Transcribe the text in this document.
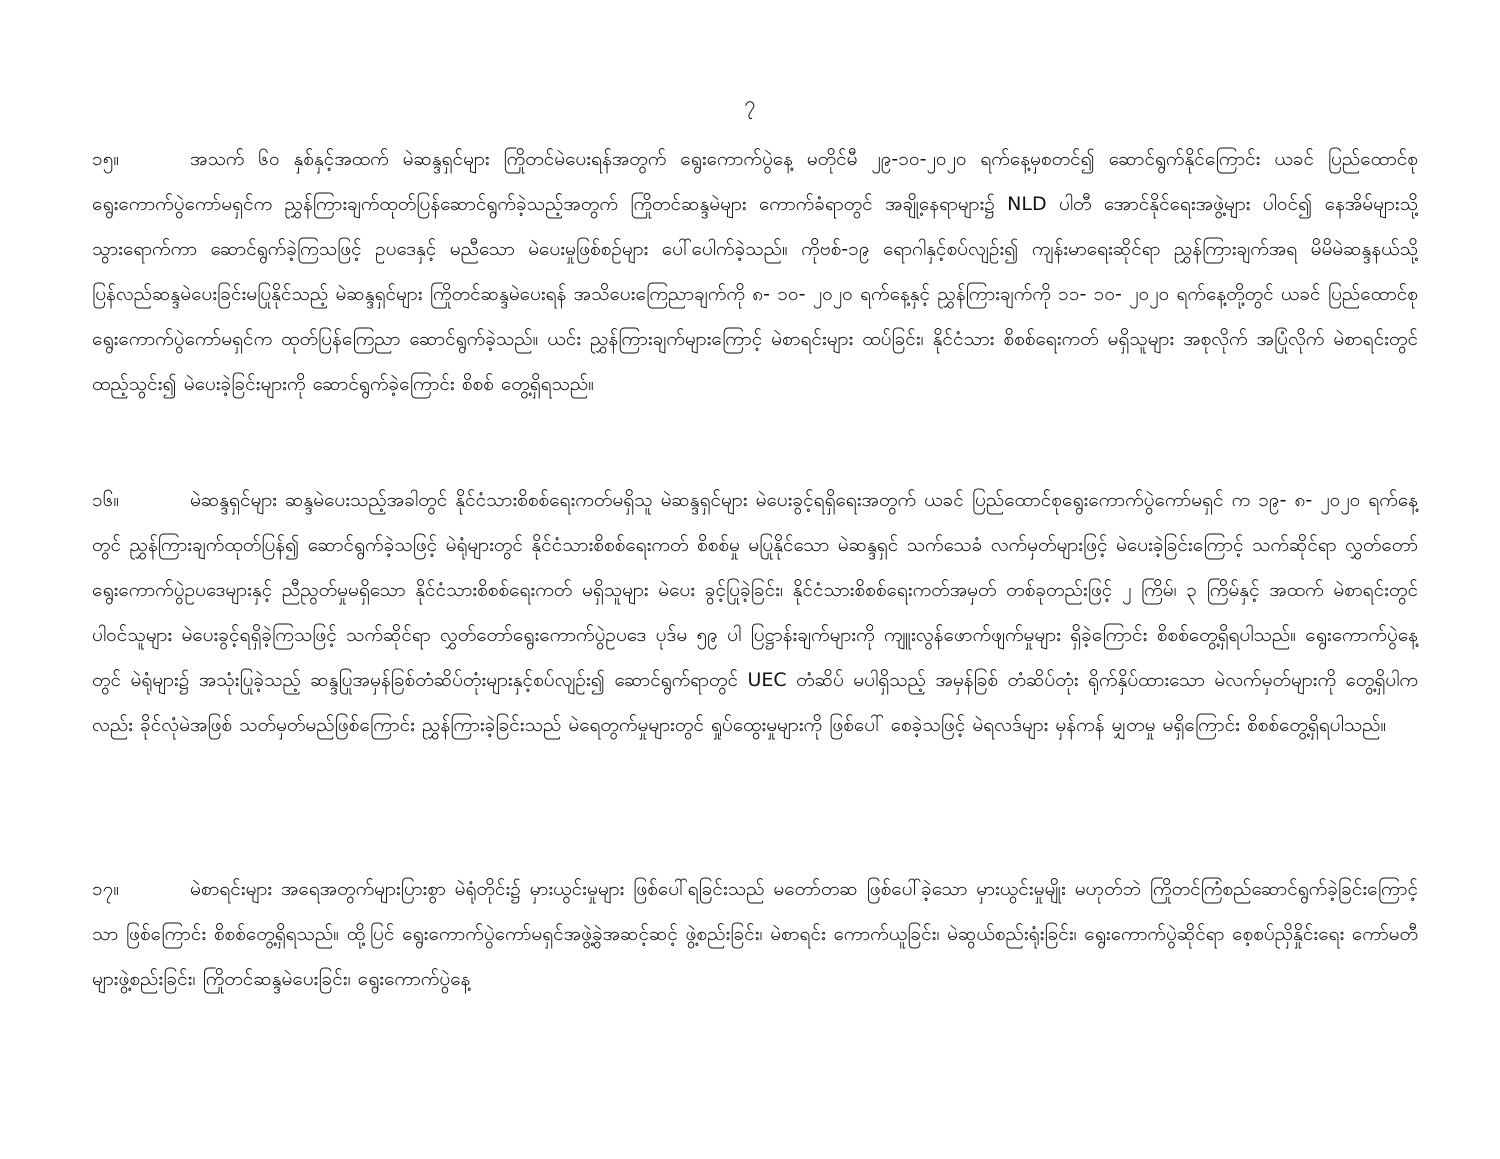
၇
၁၅။	အသက် ၆၀ နှစ်နှင့်အထက် မဲဆန္ဒရှင်များ ကြိုတင်မဲပေးရန်အတွက် ရွေးကောက်ပွဲနေ့ မတိုင်မီ ၂၉-၁၀-၂၀၂၀ ရက်နေ့မှစတင်၍ ဆောင်ရွက်နိုင်ကြောင်း ယခင် ပြည်ထောင်စု ရွေးကောက်ပွဲကော်မရှင်က ညွှန်ကြားချက်ထုတ်ပြန်ဆောင်ရွက်ခဲ့သည့်အတွက် ကြိုတင်ဆန္ဒမဲများ ကောက်ခံရာတွင် အချို့နေရာများ၌ NLD ပါတီ အောင်နိုင်ရေးအဖွဲ့များ ပါဝင်၍ နေအိမ်များသို့ သွားရောက်ကာ ဆောင်ရွက်ခဲ့ကြသဖြင့် ဥပဒေနှင့် မညီသော မဲပေးမှုဖြစ်စဉ်များ ပေါ်ပေါက်ခဲ့သည်။ ကိုဗစ်-၁၉ ရောဂါနှင့်စပ်လျဉ်း၍ ကျန်းမာရေးဆိုင်ရာ ညွှန်ကြားချက်အရ မိမိမဲဆန္ဒနယ်သို့ ပြန်လည်ဆန္ဒမဲပေးခြင်းမပြုနိုင်သည့် မဲဆန္ဒရှင်များ ကြိုတင်ဆန္ဒမဲပေးရန် အသိပေးကြေညာချက်ကို ၈- ၁၀- ၂၀၂၀ ရက်နေ့နှင့် ညွှန်ကြားချက်ကို ၁၁- ၁၀- ၂၀၂၀ ရက်နေ့တို့တွင် ယခင် ပြည်ထောင်စုရွေးကောက်ပွဲကော်မရှင်က ထုတ်ပြန်ကြေညာ ဆောင်ရွက်ခဲ့သည်။ ယင်း ညွှန်ကြားချက်များကြောင့် မဲစာရင်းများ ထပ်ခြင်း၊ နိုင်ငံသား စိစစ်ရေးကတ် မရှိသူများ အစုလိုက် အပြုံလိုက် မဲစာရင်းတွင်ထည့်သွင်း၍ မဲပေးခဲ့ခြင်းများကို ဆောင်ရွက်ခဲ့ကြောင်း စိစစ် တွေ့ရှိရသည်။
၁၆။	မဲဆန္ဒရှင်များ ဆန္ဒမဲပေးသည့်အခါတွင် နိုင်ငံသားစိစစ်ရေးကတ်မရှိသူ မဲဆန္ဒရှင်များ မဲပေးခွင့်ရရှိရေးအတွက် ယခင် ပြည်ထောင်စုရွေးကောက်ပွဲကော်မရှင် က ၁၉- ၈- ၂၀၂၀ ရက်နေ့တွင် ညွှန်ကြားချက်ထုတ်ပြန်၍ ဆောင်ရွက်ခဲ့သဖြင့် မဲရုံများတွင် နိုင်ငံသားစိစစ်ရေးကတ် စိစစ်မှု မပြုနိုင်သော မဲဆန္ဒရှင် သက်သေခံ လက်မှတ်များဖြင့် မဲပေးခဲ့ခြင်းကြောင့် သက်ဆိုင်ရာ လွှတ်တော်ရွေးကောက်ပွဲဥပဒေများနှင့် ညီညွတ်မှုမရှိသော နိုင်ငံသားစိစစ်ရေးကတ် မရှိသူများ မဲပေး ခွင့်ပြုခဲ့ခြင်း၊ နိုင်ငံသားစိစစ်ရေးကတ်အမှတ် တစ်ခုတည်းဖြင့် ၂ ကြိမ်၊ ၃ ကြိမ်နှင့် အထက် မဲစာရင်းတွင် ပါဝင်သူများ မဲပေးခွင့်ရရှိခဲ့ကြသဖြင့် သက်ဆိုင်ရာ လွှတ်တော်ရွေးကောက်ပွဲဥပဒေ ပုဒ်မ ၅၉ ပါ ပြဋ္ဌာန်းချက်များကို ကျူးလွန်ဖောက်ဖျက်မှုများ ရှိခဲ့ကြောင်း စိစစ်တွေ့ရှိရပါသည်။ ရွေးကောက်ပွဲနေ့တွင် မဲရုံများ၌ အသုံးပြုခဲ့သည့် ဆန္ဒပြုအမှန်ခြစ်တံဆိပ်တုံးများနှင့်စပ်လျဉ်း၍ ဆောင်ရွက်ရာတွင် UEC တံဆိပ် မပါရှိသည့် အမှန်ခြစ် တံဆိပ်တုံး ရိုက်နှိပ်ထားသော မဲလက်မှတ်များကို တွေ့ရှိပါကလည်း ခိုင်လုံမဲအဖြစ် သတ်မှတ်မည်ဖြစ်ကြောင်း ညွှန်ကြားခဲ့ခြင်းသည် မဲရေတွက်မှုများတွင် ရှုပ်ထွေးမှုများကို ဖြစ်ပေါ် စေခဲ့သဖြင့် မဲရလဒ်များ မှန်ကန် မျှတမှု မရှိကြောင်း စိစစ်တွေ့ရှိရပါသည်။
၁၇။	မဲစာရင်းများ အရေအတွက်များပြားစွာ မဲရုံတိုင်း၌ မှားယွင်းမှုများ ဖြစ်ပေါ်ရခြင်းသည် မတော်တဆ ဖြစ်ပေါ်ခဲ့သော မှားယွင်းမှုမျိုး မဟုတ်ဘဲ ကြိုတင်ကြံစည်ဆောင်ရွက်ခဲ့ခြင်းကြောင့်သာ ဖြစ်ကြောင်း စိစစ်တွေ့ရှိရသည်။ ထို့ပြင် ရွေးကောက်ပွဲကော်မရှင်အဖွဲ့ခွဲအဆင့်ဆင့် ဖွဲ့စည်းခြင်း၊ မဲစာရင်း ကောက်ယူခြင်း၊ မဲဆွယ်စည်းရုံးခြင်း၊ ရွေးကောက်ပွဲဆိုင်ရာ စေ့စပ်ညှိနှိုင်းရေး ကော်မတီများဖွဲ့စည်းခြင်း၊ ကြိုတင်ဆန္ဒမဲပေးခြင်း၊ ရွေးကောက်ပွဲနေ့
